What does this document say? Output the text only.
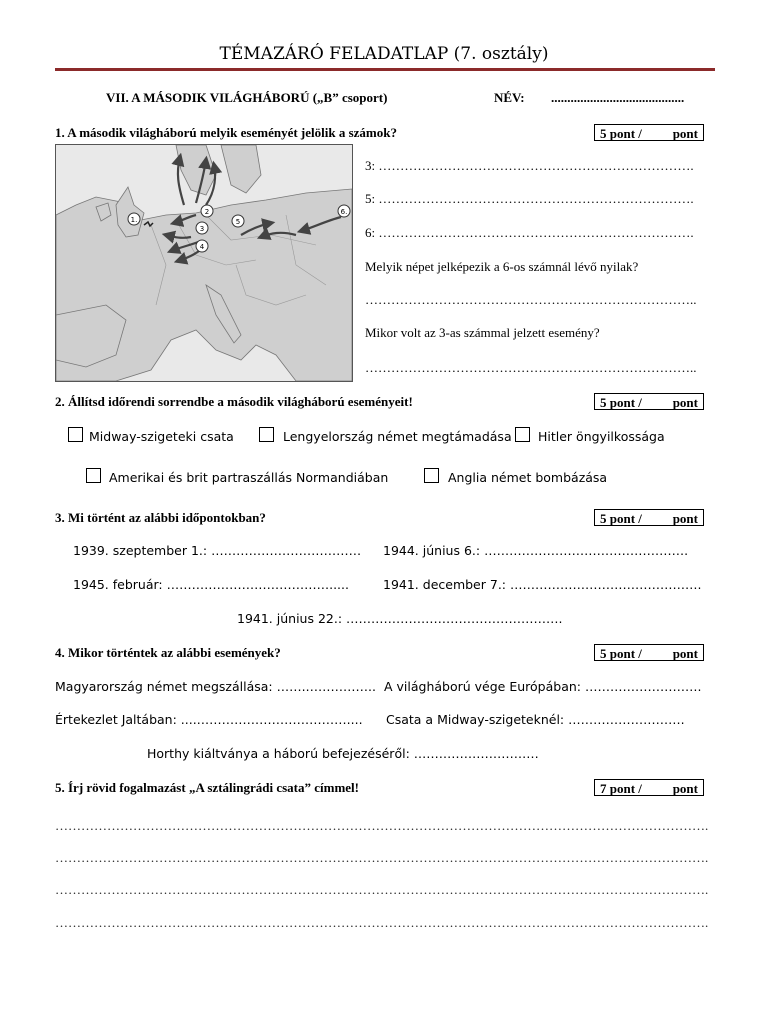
TÉMAZÁRÓ FELADATLAP (7. osztály)
VII. A MÁSODIK VILÁGHÁBORÚ („B” csoport)	NÉV: .........................................
1. A második világháború melyik eseményét jelölik a számok?	5 pont / pont
1.
2
3
4
5
6.
3: ……………………………………………………………….
5: ……………………………………………………………….
6: ……………………………………………………………….
Melyik népet jelképezik a 6-os számnál lévő nyilak?
…………………………………………………………………..
Mikor volt az 3-as számmal jelzett esemény?
…………………………………………………………………..
2. Állítsd időrendi sorrendbe a második világháború eseményeit!	5 pont / pont
Midway-szigeteki csata	Lengyelország német megtámadása Hitler öngyilkossága
Amerikai és brit partraszállás Normandiában	Anglia német bombázása
3. Mi történt az alábbi időpontokban?	5 pont / pont
1939. szeptember 1.: ……………………………… 1944. június 6.: ………………………………………….
1945. február: ………………………………….....	1941. december 7.: ……………………………………….
1941. június 22.: …………………………………………….
4. Mikor történtek az alábbi események?	5 pont / pont
Magyarország német megszállása: …….…………….. A világháború vége Európában: ……………………….
Értekezlet Jaltában: ....……………………………….... Csata a Midway-szigeteknél: ……………………….
Horthy kiáltványa a háború befejezéséről: …………………………
5. Írj rövid fogalmazást „A sztálingrádi csata” címmel!	7 pont / pont
…………………………………………………………………………………………………………………………………….
…………………………………………………………………………………………………………………………………….
…………………………………………………………………………………………………………………………………….
…………………………………………………………………………………………………………………………………….
